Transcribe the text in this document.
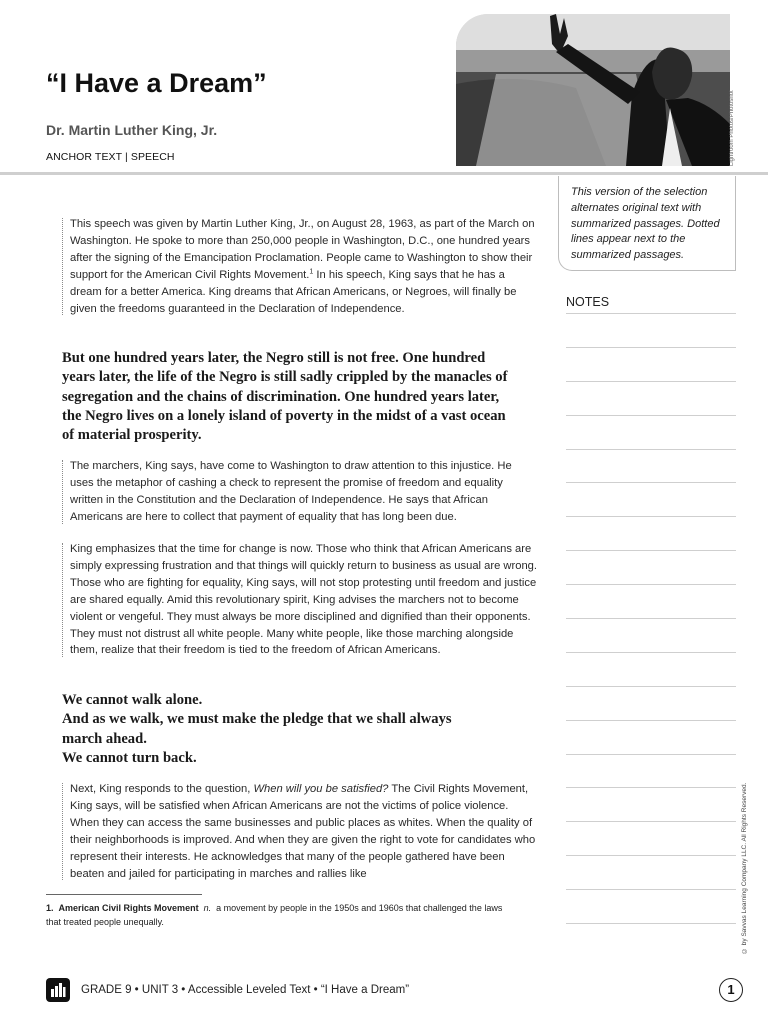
“I Have a Dream”
Dr. Martin Luther King, Jr.
ANCHOR TEXT | SPEECH	Lightroom Photos/Photoshot

This version of the selection alternates original text with summarized passages. Dotted lines appear next to the summarized passages.

NOTES

This speech was given by Martin Luther King, Jr., on August 28, 1963, as part of the March on Washington. He spoke to more than 250,000 people in Washington, D.C., one hundred years after the signing of the Emancipation Proclamation. People came to Washington to show their support for the American Civil Rights Movement.$^1$ In his speech, King says that he has a dream for a better America. King dreams that African Americans, or Negroes, will finally be given the freedoms guaranteed in the Declaration of Independence.

But one hundred years later, the Negro still is not free. One hundred years later, the life of the Negro is still sadly crippled by the manacles of segregation and the chains of discrimination. One hundred years later, the Negro lives on a lonely island of poverty in the midst of a vast ocean of material prosperity.

The marchers, King says, have come to Washington to draw attention to this injustice. He uses the metaphor of cashing a check to represent the promise of freedom and equality written in the Constitution and the Declaration of Independence. He says that African Americans are here to collect that payment of equality that has long been due.

King emphasizes that the time for change is now. Those who think that African Americans are simply expressing frustration and that things will quickly return to business as usual are wrong. Those who are fighting for equality, King says, will not stop protesting until freedom and justice are shared equally. Amid this revolutionary spirit, King advises the marchers not to become violent or vengeful. They must always be more disciplined and dignified than their opponents. They must not distrust all white people. Many white people, like those marching alongside them, realize that their freedom is tied to the freedom of African Americans.

We cannot walk alone.

And as we walk, we must make the pledge that we shall always march ahead.

We cannot turn back.

Next, King responds to the question, When will you be satisfied? The Civil Rights Movement, King says, will be satisfied when African Americans are not the victims of police violence. When they can access the same businesses and public places as whites. When the quality of their neighborhoods is improved. And when they are given the right to vote for candidates who represent their interests. He acknowledges that many of the people gathered have been beaten and jailed for participating in marches and rallies like

1. American Civil Rights Movement n. a movement by people in the 1950s and 1960s that challenged the laws that treated people unequally.	© by Savvas Learning Company LLC. All Rights Reserved.
GRADE 9 • UNIT 3 • Accessible Leveled Text • “I Have a Dream”	1
